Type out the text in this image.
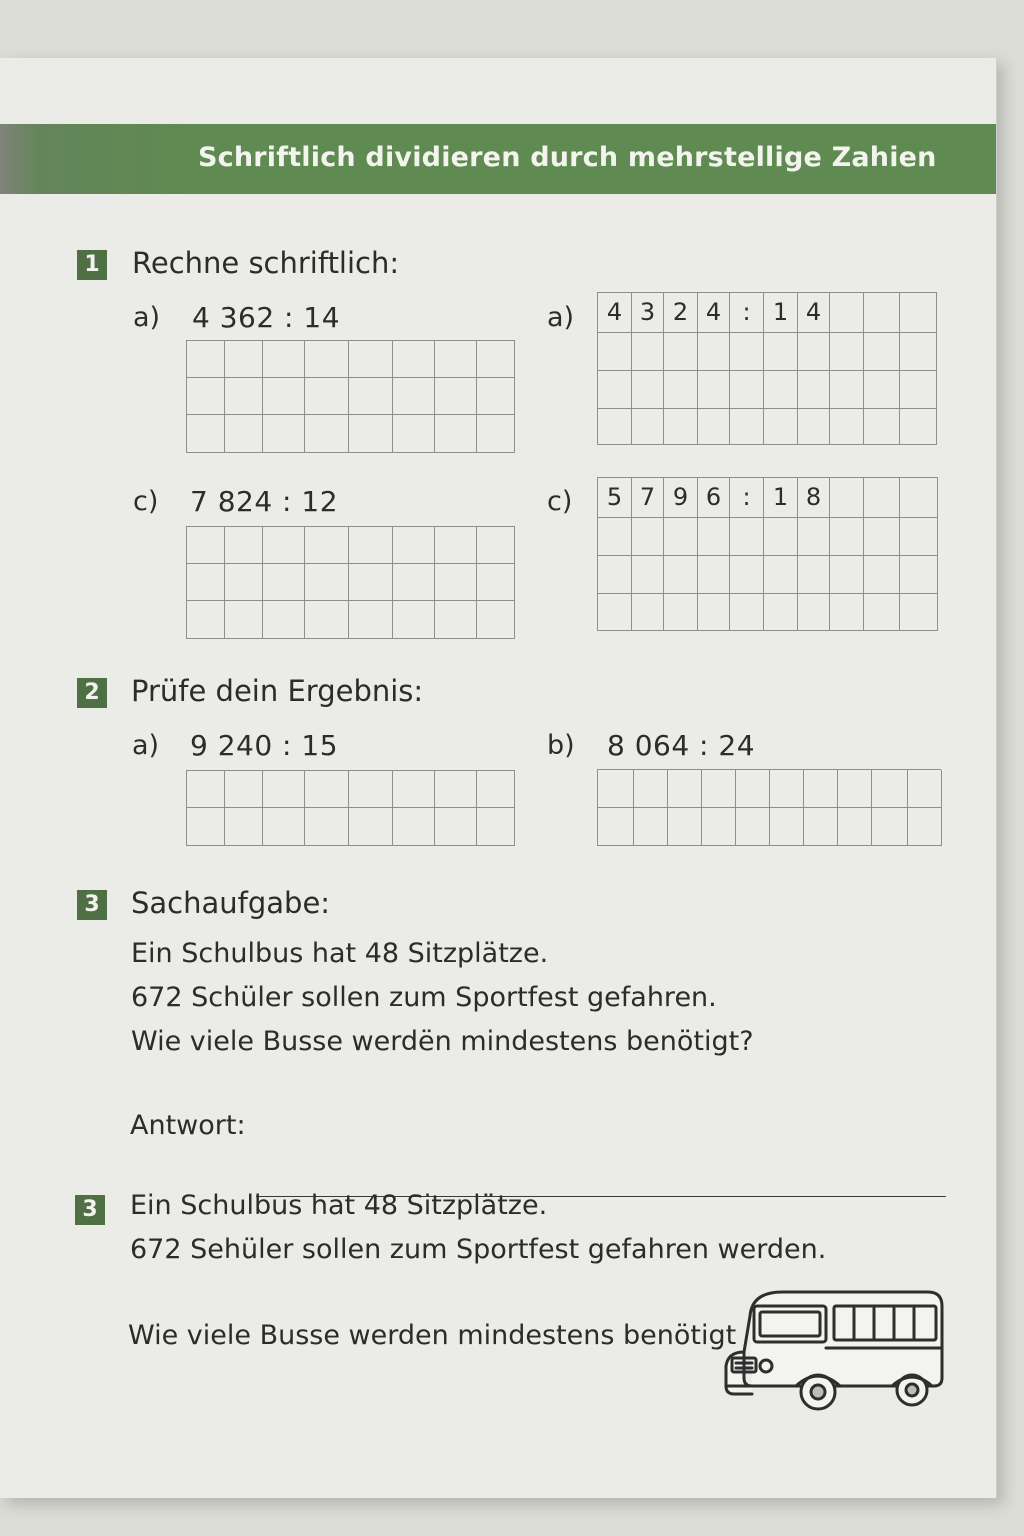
Schriftlich dividieren durch mehrstellige Zahien
1 Rechne schriftlich:
a) 4 362 : 14	a)	4 3 2 4 : 1 4
c) 7 824 : 12	c)	5 7 9 6 : 1 8
2 Prüfe dein Ergebnis:
a) 9 240 : 15	b) 8 064 : 24
3 Sachaufgabe:
Ein Schulbus hat 48 Sitzplätze.
672 Schüler sollen zum Sportfest gefahren.
Wie viele Busse werdën mindestens benötigt?
Antwort:
3 Ein Schulbus hat 48 Sitzplätze.
672 Sehüler sollen zum Sportfest gefahren werden.
Wie viele Busse werden mindestens benötigt
